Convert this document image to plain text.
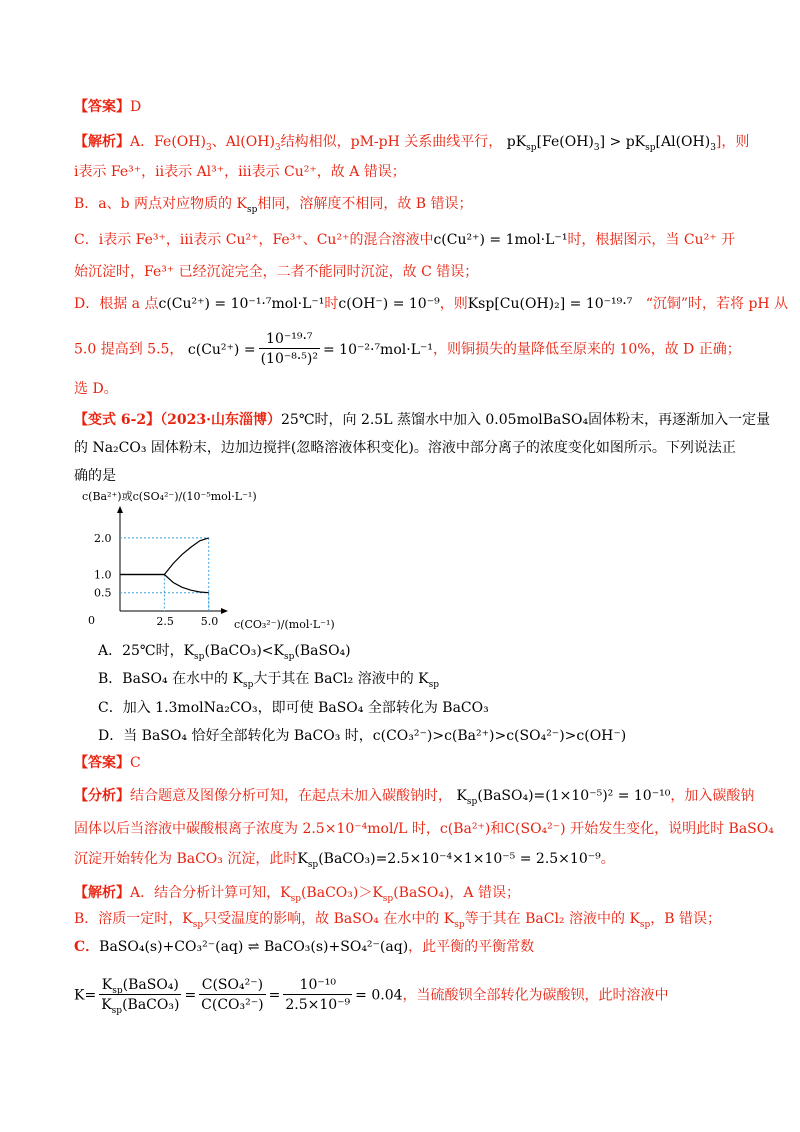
【答案】D
【解析】A．$Fe(OH)_3$、$Al(OH)_3$结构相似，pM-pH 关系曲线平行， $pK_{sp}[Fe(OH)_3] > pK_{sp}[Al(OH)_3]$，则
ⅰ表示 Fe³⁺，ⅱ表示 Al³⁺，ⅲ表示 Cu²⁺，故 A 错误；
B．a、b 两点对应物质的 $K_{sp}$相同，溶解度不相同，故 B 错误；
C．ⅰ表示 Fe³⁺，ⅲ表示 Cu²⁺，Fe³⁺、Cu²⁺的混合溶液中c(Cu²⁺) = 1mol·L⁻¹时，根据图示，当 Cu²⁺ 开
始沉淀时，Fe³⁺ 已经沉淀完全，二者不能同时沉淀，故 C 错误；
D．根据 a 点c(Cu²⁺) = 10⁻¹·⁷mol·L⁻¹时c(OH⁻) = 10⁻⁹，则Ksp[Cu(OH)₂] = 10⁻¹⁹·⁷ “沉铜”时，若将 pH 从
5.0 提高到 5.5， $c(Cu^{2+}) = \frac{\text{10⁻¹⁹·⁷}}{\text{(10⁻⁸·⁵)²}} = 10^{-2}\cdot^7mol\cdot L^{-1}$，则铜损失的量降低至原来的 10%，故 D 正确；
选 D。
【变式 6-2】（2023·山东淄博）25℃时，向 2.5L 蒸馏水中加入 0.05molBaSO₄固体粉末，再逐渐加入一定量
的 Na₂CO₃ 固体粉末，边加边搅拌(忽略溶液体积变化)。溶液中部分离子的浓度变化如图所示。下列说法正
确的是
c(Ba²⁺)或c(SO₄²⁻)/(10⁻⁵mol·L⁻¹)
0	2.5 5.0
2.0
1.0
0.5
c(CO₃²⁻)/(mol·L⁻¹)
A．25℃时，$K_{sp}(BaCO_3)<K_{sp}(BaSO_4)$
B．BaSO₄ 在水中的 $K_{sp}$大于其在 BaCl₂ 溶液中的 $K_{sp}$
C．加入 1.3molNa₂CO₃，即可使 BaSO₄ 全部转化为 BaCO₃
D．当 BaSO₄ 恰好全部转化为 BaCO₃ 时，c(CO₃²⁻)>c(Ba²⁺)>c(SO₄²⁻)>c(OH⁻)
【答案】C
【分析】结合题意及图像分析可知，在起点未加入碳酸钠时， $K_{sp}(BaSO_4)=(1\times 10^{-5})^2 = 10^{-10}$，加入碳酸钠
固体以后当溶液中碳酸根离子浓度为 2.5×10⁻⁴mol/L 时，c(Ba²⁺)和C(SO₄²⁻) 开始发生变化，说明此时 BaSO₄
沉淀开始转化为 BaCO₃ 沉淀，此时$K_{sp}(BaCO_3)=2.5\times 10^{-4}\times 1\times 10^{-5} = 2.5\times 10^{-9}$。
【解析】A．结合分析计算可知，$K_{sp}(BaCO_3)>K_{sp}(BaSO_4)$，A 错误；
B．溶质一定时，$K_{sp}$只受温度的影响，故 BaSO₄ 在水中的 $K_{sp}$等于其在 BaCl₂ 溶液中的 $K_{sp}$，B 错误；
C．BaSO₄(s)+CO₃²⁻(aq) ⇌ BaCO₃(s)+SO₄²⁻(aq)，此平衡的平衡常数
$K= \frac{K_{sp}(BaSO_4)}{K_{sp}(BaCO_3)} = \frac{\text{C(SO₄²⁻)}}{\text{C(CO₃²⁻)}} = \frac{\text{10⁻¹⁰}}{\text{2.5×10⁻⁹}} = 0.04$，当硫酸钡全部转化为碳酸钡，此时溶液中
